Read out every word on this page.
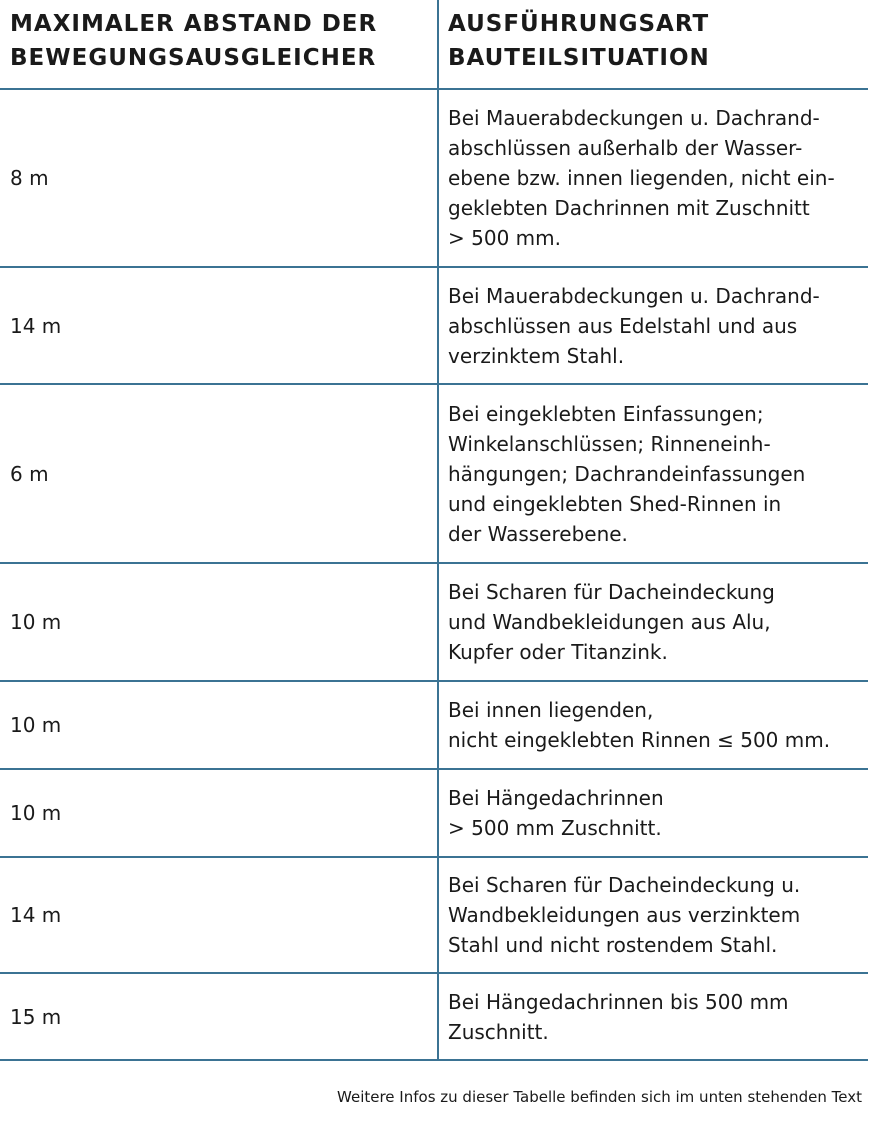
MAXIMALER ABSTAND DER
BEWEGUNGSAUSGLEICHER
AUSFÜHRUNGSART
BAUTEILSITUATION
8 m
Bei Mauerabdeckungen u. Dachrand-
abschlüssen außerhalb der Wasser-
ebene bzw. innen liegenden, nicht ein-
geklebten Dachrinnen mit Zuschnitt
> 500 mm.
14 m
Bei Mauerabdeckungen u. Dachrand-
abschlüssen aus Edelstahl und aus
verzinktem Stahl.
6 m
Bei eingeklebten Einfassungen;
Winkelanschlüssen; Rinneneinh-
hängungen; Dachrandeinfassungen
und eingeklebten Shed-Rinnen in
der Wasserebene.
10 m
Bei Scharen für Dacheindeckung
und Wandbekleidungen aus Alu,
Kupfer oder Titanzink.
10 m
Bei innen liegenden,
nicht eingeklebten Rinnen ≤ 500 mm.
10 m
Bei Hängedachrinnen
> 500 mm Zuschnitt.
14 m
Bei Scharen für Dacheindeckung u.
Wandbekleidungen aus verzinktem
Stahl und nicht rostendem Stahl.
15 m
Bei Hängedachrinnen bis 500 mm
Zuschnitt.
Weitere Infos zu dieser Tabelle befinden sich im unten stehenden Text
